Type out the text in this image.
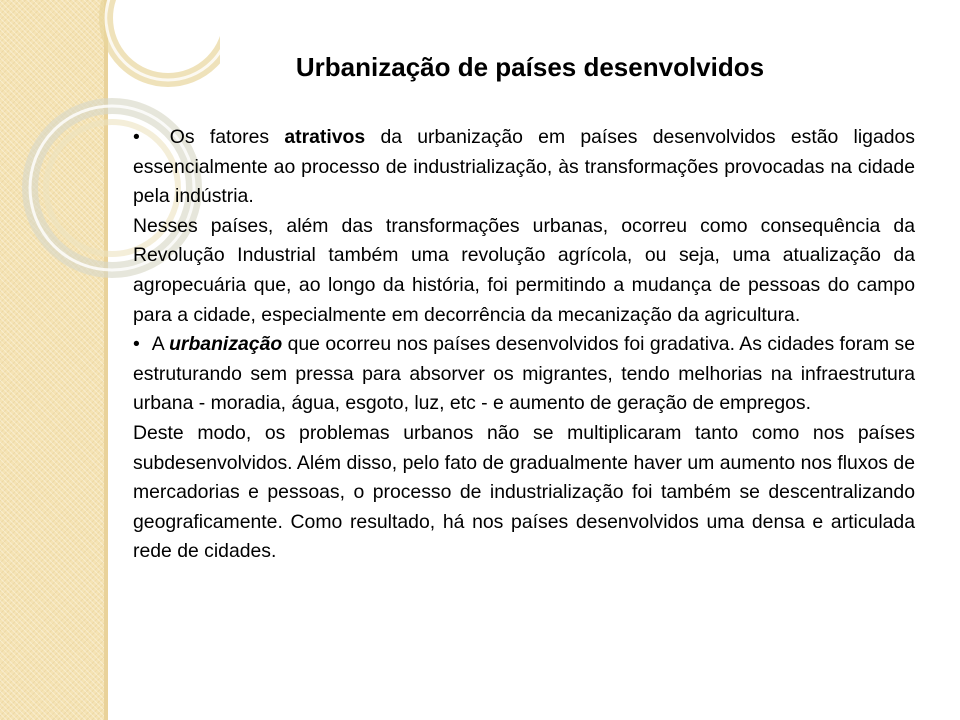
Urbanização de países desenvolvidos

• Os fatores atrativos da urbanização em países desenvolvidos estão ligados essencialmente ao processo de industrialização, às transformações provocadas na cidade pela indústria.

Nesses países, além das transformações urbanas, ocorreu como consequência da Revolução Industrial também uma revolução agrícola, ou seja, uma atualização da agropecuária que, ao longo da história, foi permitindo a mudança de pessoas do campo para a cidade, especialmente em decorrência da mecanização da agricultura.

• A urbanização que ocorreu nos países desenvolvidos foi gradativa. As cidades foram se estruturando sem pressa para absorver os migrantes, tendo melhorias na infraestrutura urbana - moradia, água, esgoto, luz, etc - e aumento de geração de empregos.

Deste modo, os problemas urbanos não se multiplicaram tanto como nos países subdesenvolvidos. Além disso, pelo fato de gradualmente haver um aumento nos fluxos de mercadorias e pessoas, o processo de industrialização foi também se descentralizando geograficamente. Como resultado, há nos países desenvolvidos uma densa e articulada rede de cidades.
